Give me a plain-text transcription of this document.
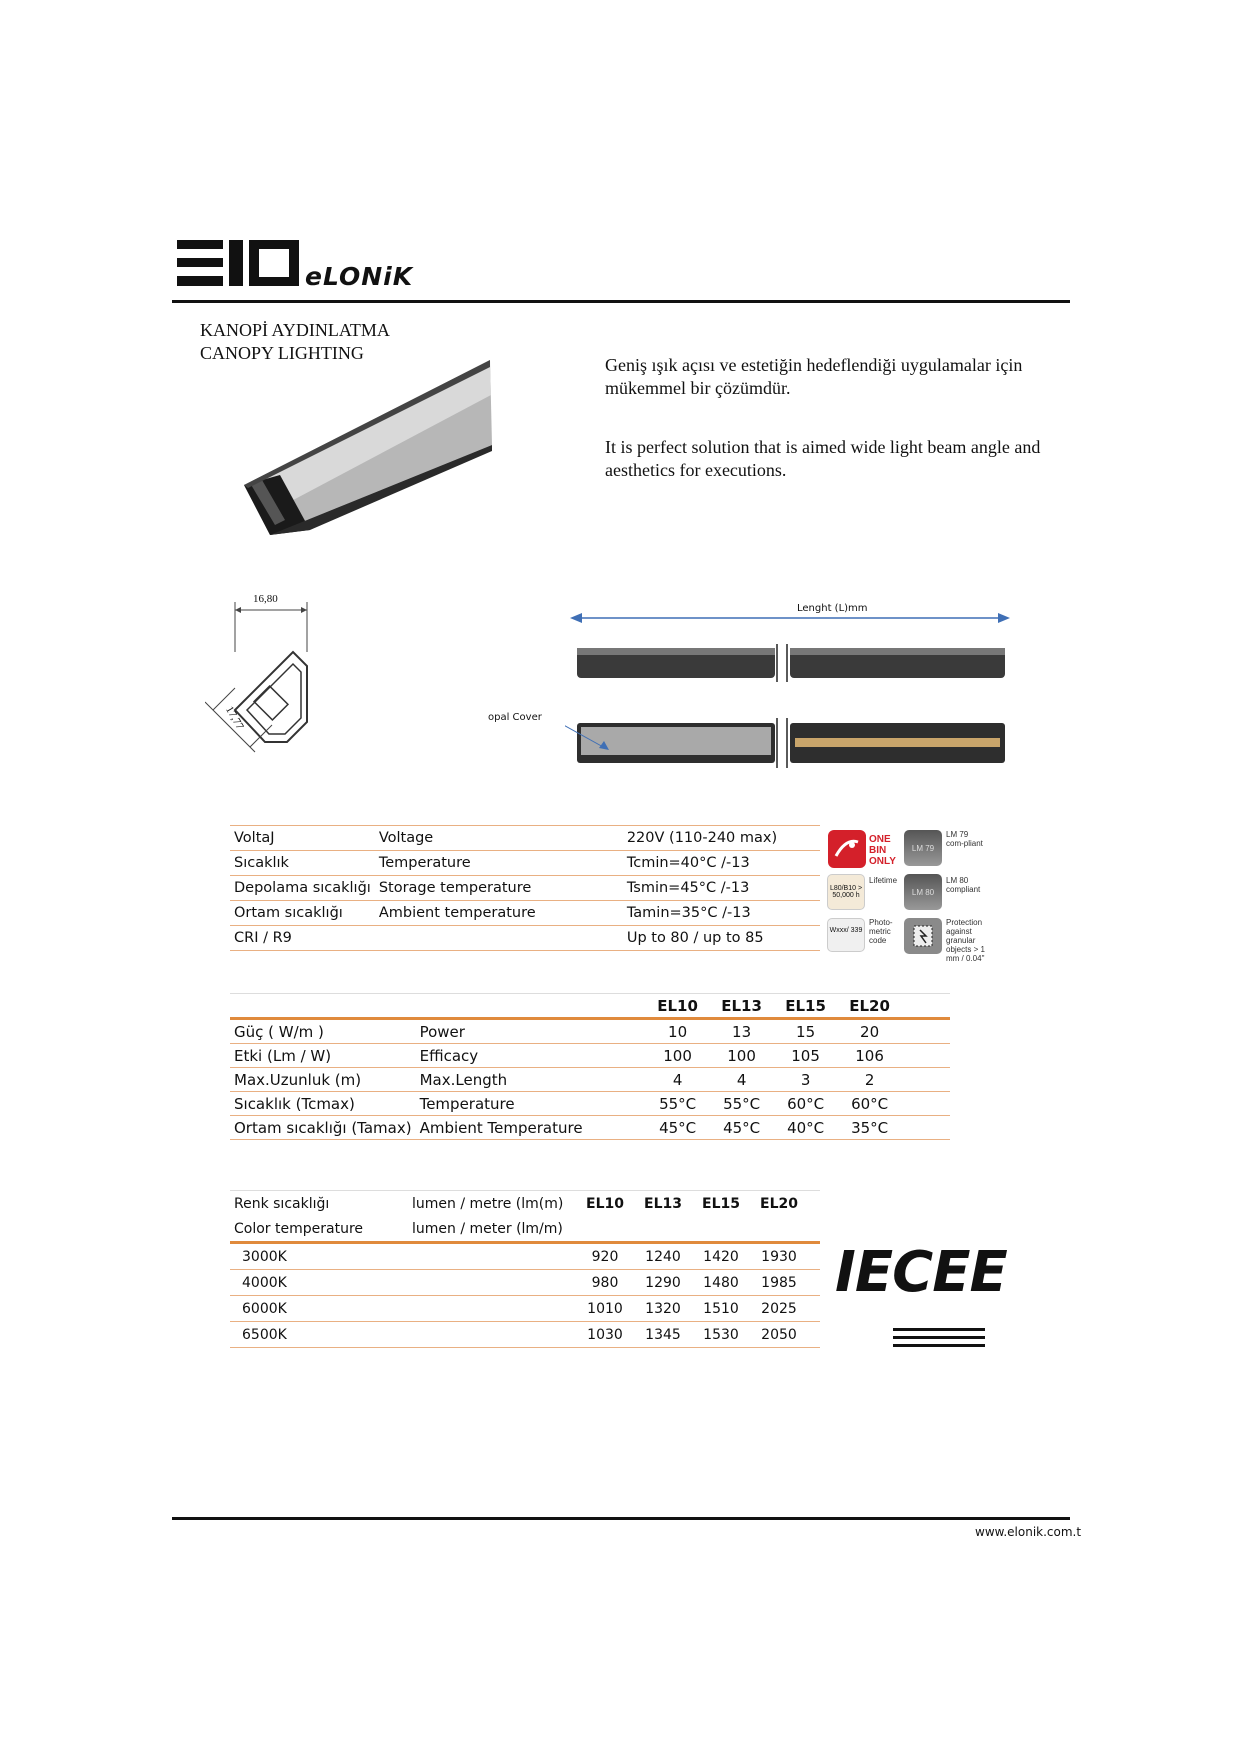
eLONiK
KANOPİ AYDINLATMA
CANOPY LIGHTING
Geniş ışık açısı ve estetiğin hedeflendiği uygulamalar için mükemmel bir çözümdür.
It is perfect solution that is aimed wide light beam angle and aesthetics for executions.
16,80
17,77
Lenght (L)mm
opal Cover
VoltaJ	Voltage	220V (110-240 max)
Sıcaklık	Temperature	Tcmin=40°C /-13
Depolama sıcaklığı	Storage temperature	Tsmin=45°C /-13
Ortam sıcaklığı	Ambient temperature	Tamin=35°C /-13
CRI / R9		Up to 80 / up to 85
ONE BIN ONLY
Lifetime
L80/B10 > 50,000 h
Wxxx/ 339
Photo-metric code
LM 79
LM 79 com-pliant
LM 80
LM 80 compliant
Protection against granular objects > 1 mm / 0.04"
		EL10	EL13	EL15	EL20	
Güç ( W/m )	Power	10	13	15	20	
Etki (Lm / W)	Efficacy	100	100	105	106	
Max.Uzunluk (m)	Max.Length	4	4	3	2	
Sıcaklık (Tcmax)	Temperature	55°C	55°C	60°C	60°C	
Ortam sıcaklığı (Tamax)	Ambient Temperature	45°C	45°C	40°C	35°C	
Renk sıcaklığı	lumen / metre (lm(m)	EL10	EL13	EL15	EL20	
Color temperature	lumen / meter (lm/m)					
3000K		920	1240	1420	1930	
4000K		980	1290	1480	1985	
6000K		1010	1320	1510	2025	
6500K		1030	1345	1530	2050	
IECEE
www.elonik.com.t
